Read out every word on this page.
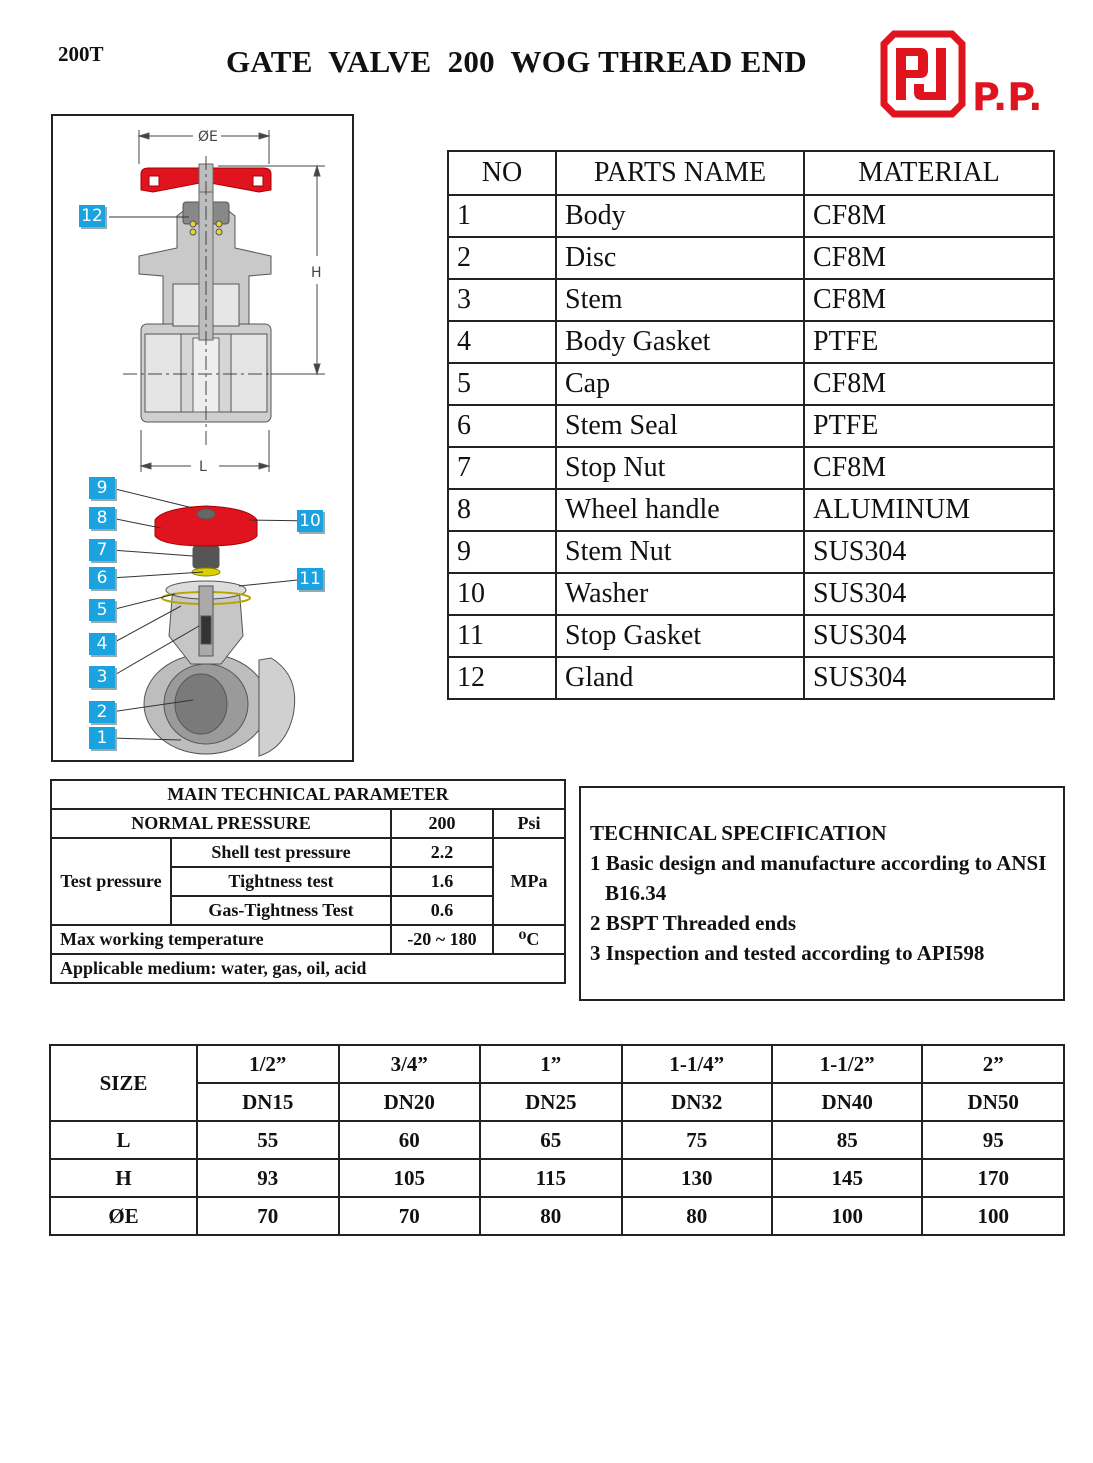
200T	GATE  VALVE  200  WOG THREAD END
P.P.
ØE
H
L
12
9
8
7
6
5
4
3
2
1
10
11
NO	PARTS NAME	MATERIAL
1	Body	CF8M
2	Disc	CF8M
3	Stem	CF8M
4	Body Gasket	PTFE
5	Cap	CF8M
6	Stem Seal	PTFE
7	Stop Nut	CF8M
8	Wheel handle	ALUMINUM
9	Stem Nut	SUS304
10	Washer	SUS304
11	Stop Gasket	SUS304
12	Gland	SUS304
MAIN TECHNICAL PARAMETER			
NORMAL PRESSURE		200	Psi
Test pressure	Shell test pressure	2.2	MPa
	Tightness test	1.6	
	Gas-Tightness Test	0.6	
Max working temperature		-20 ~ 180	⁰C
Applicable medium: water, gas, oil, acid			
TECHNICAL SPECIFICATION
1 Basic design and manufacture according to ANSI
B16.34
2 BSPT Threaded ends
3 Inspection and tested according to API598
SIZE	1/2”	3/4”	1”	1-1/4”	1-1/2”	2”
	DN15	DN20	DN25	DN32	DN40	DN50
L	55	60	65	75	85	95
H	93	105	115	130	145	170
ØE	70	70	80	80	100	100
